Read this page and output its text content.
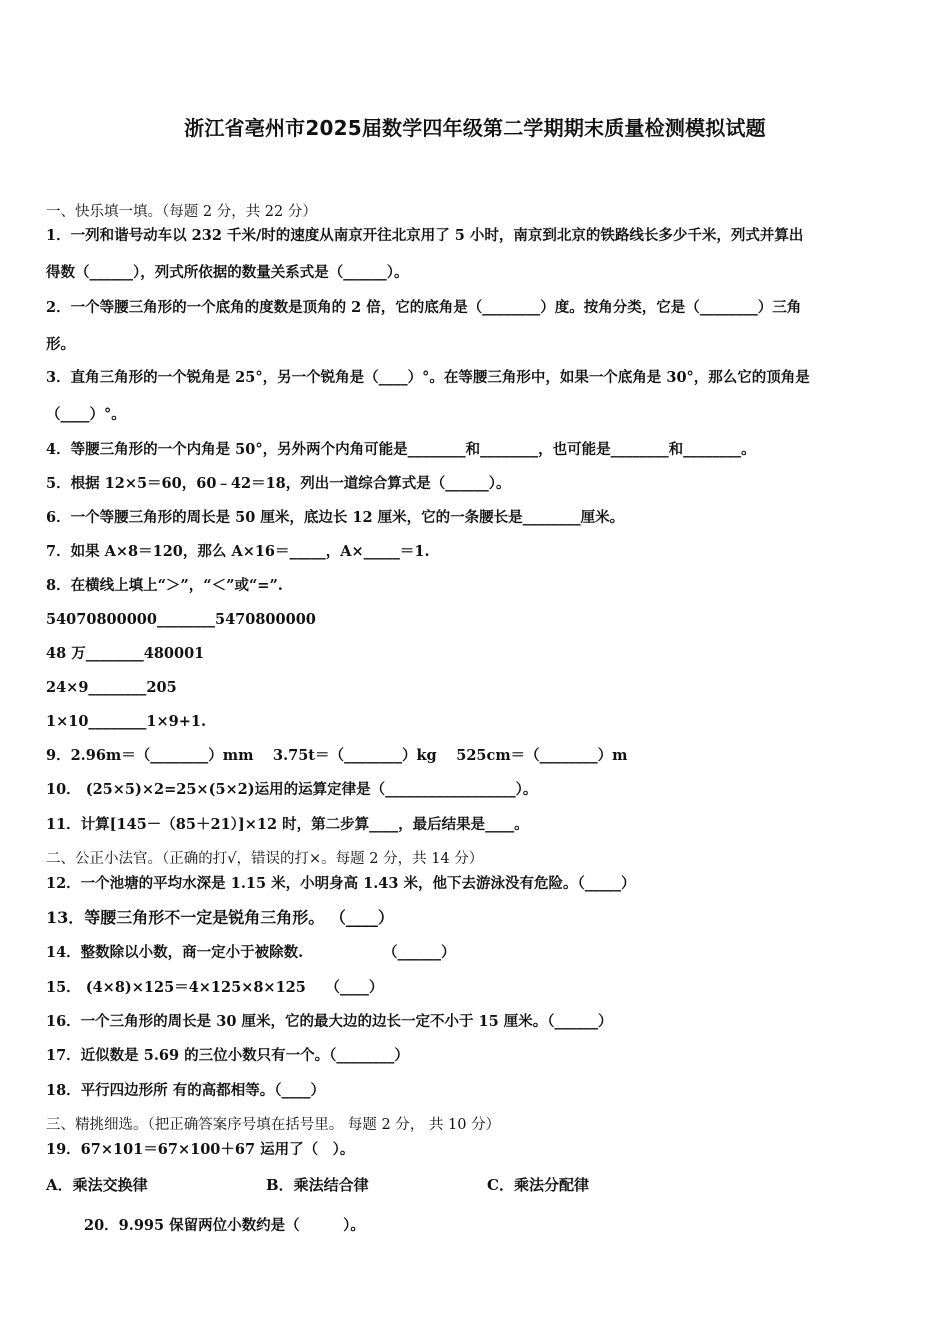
浙江省亳州市2025届数学四年级第二学期期末质量检测模拟试题
一、快乐填一填。（每题 2 分，共 22 分）
1．一列和谐号动车以 232 千米/时的速度从南京开往北京用了 5 小时，南京到北京的铁路线长多少千米，列式并算出
得数（______），列式所依据的数量关系式是（______）。
2．一个等腰三角形的一个底角的度数是顶角的 2 倍，它的底角是（________）度。按角分类，它是（________）三角
形。
3．直角三角形的一个锐角是 25°，另一个锐角是（____）°。在等腰三角形中，如果一个底角是 30°，那么它的顶角是
（____）°。
4．等腰三角形的一个内角是 50°，另外两个内角可能是________和________，也可能是________和________。
5．根据 12×5＝60，60﹣42＝18，列出一道综合算式是（______）。
6．一个等腰三角形的周长是 50 厘米，底边长 12 厘米，它的一条腰长是________厘米。
7．如果 A×8＝120，那么 A×16＝_____，A×_____＝1.
8．在横线上填上“＞”，“＜”或“=”.
54070800000________5470800000
48 万________480001
24×9________205
1×10________1×9+1.
9．2.96m＝（________）mm　 3.75t＝（________）kg　 525cm＝（________）m
10． (25×5)×2=25×(5×2)运用的运算定律是（__________________）。
11．计算[145－（85＋21）]×12 时，第二步算____，最后结果是____。
二、公正小法官。（正确的打√，错误的打×。每题 2 分，共 14 分）
12．一个池塘的平均水深是 1.15 米，小明身高 1.43 米，他下去游泳没有危险。（_____）
13．等腰三角形不一定是锐角三角形。 （____）
14．整数除以小数，商一定小于被除数.　　　　　　（______）
15． (4×8)×125＝4×125×8×125　 （____）
16．一个三角形的周长是 30 厘米，它的最大边的边长一定不小于 15 厘米。（______）
17．近似数是 5.69 的三位小数只有一个。（________）
18．平行四边形所 有的高都相等。（____）
三、精挑细选。（把正确答案序号填在括号里。 每题 2 分， 共 10 分）
19．67×101＝67×100＋67 运用了（　）。
A．乘法交换律	B．乘法结合律	C．乘法分配律
20．9.995 保留两位小数约是（　　　）。
